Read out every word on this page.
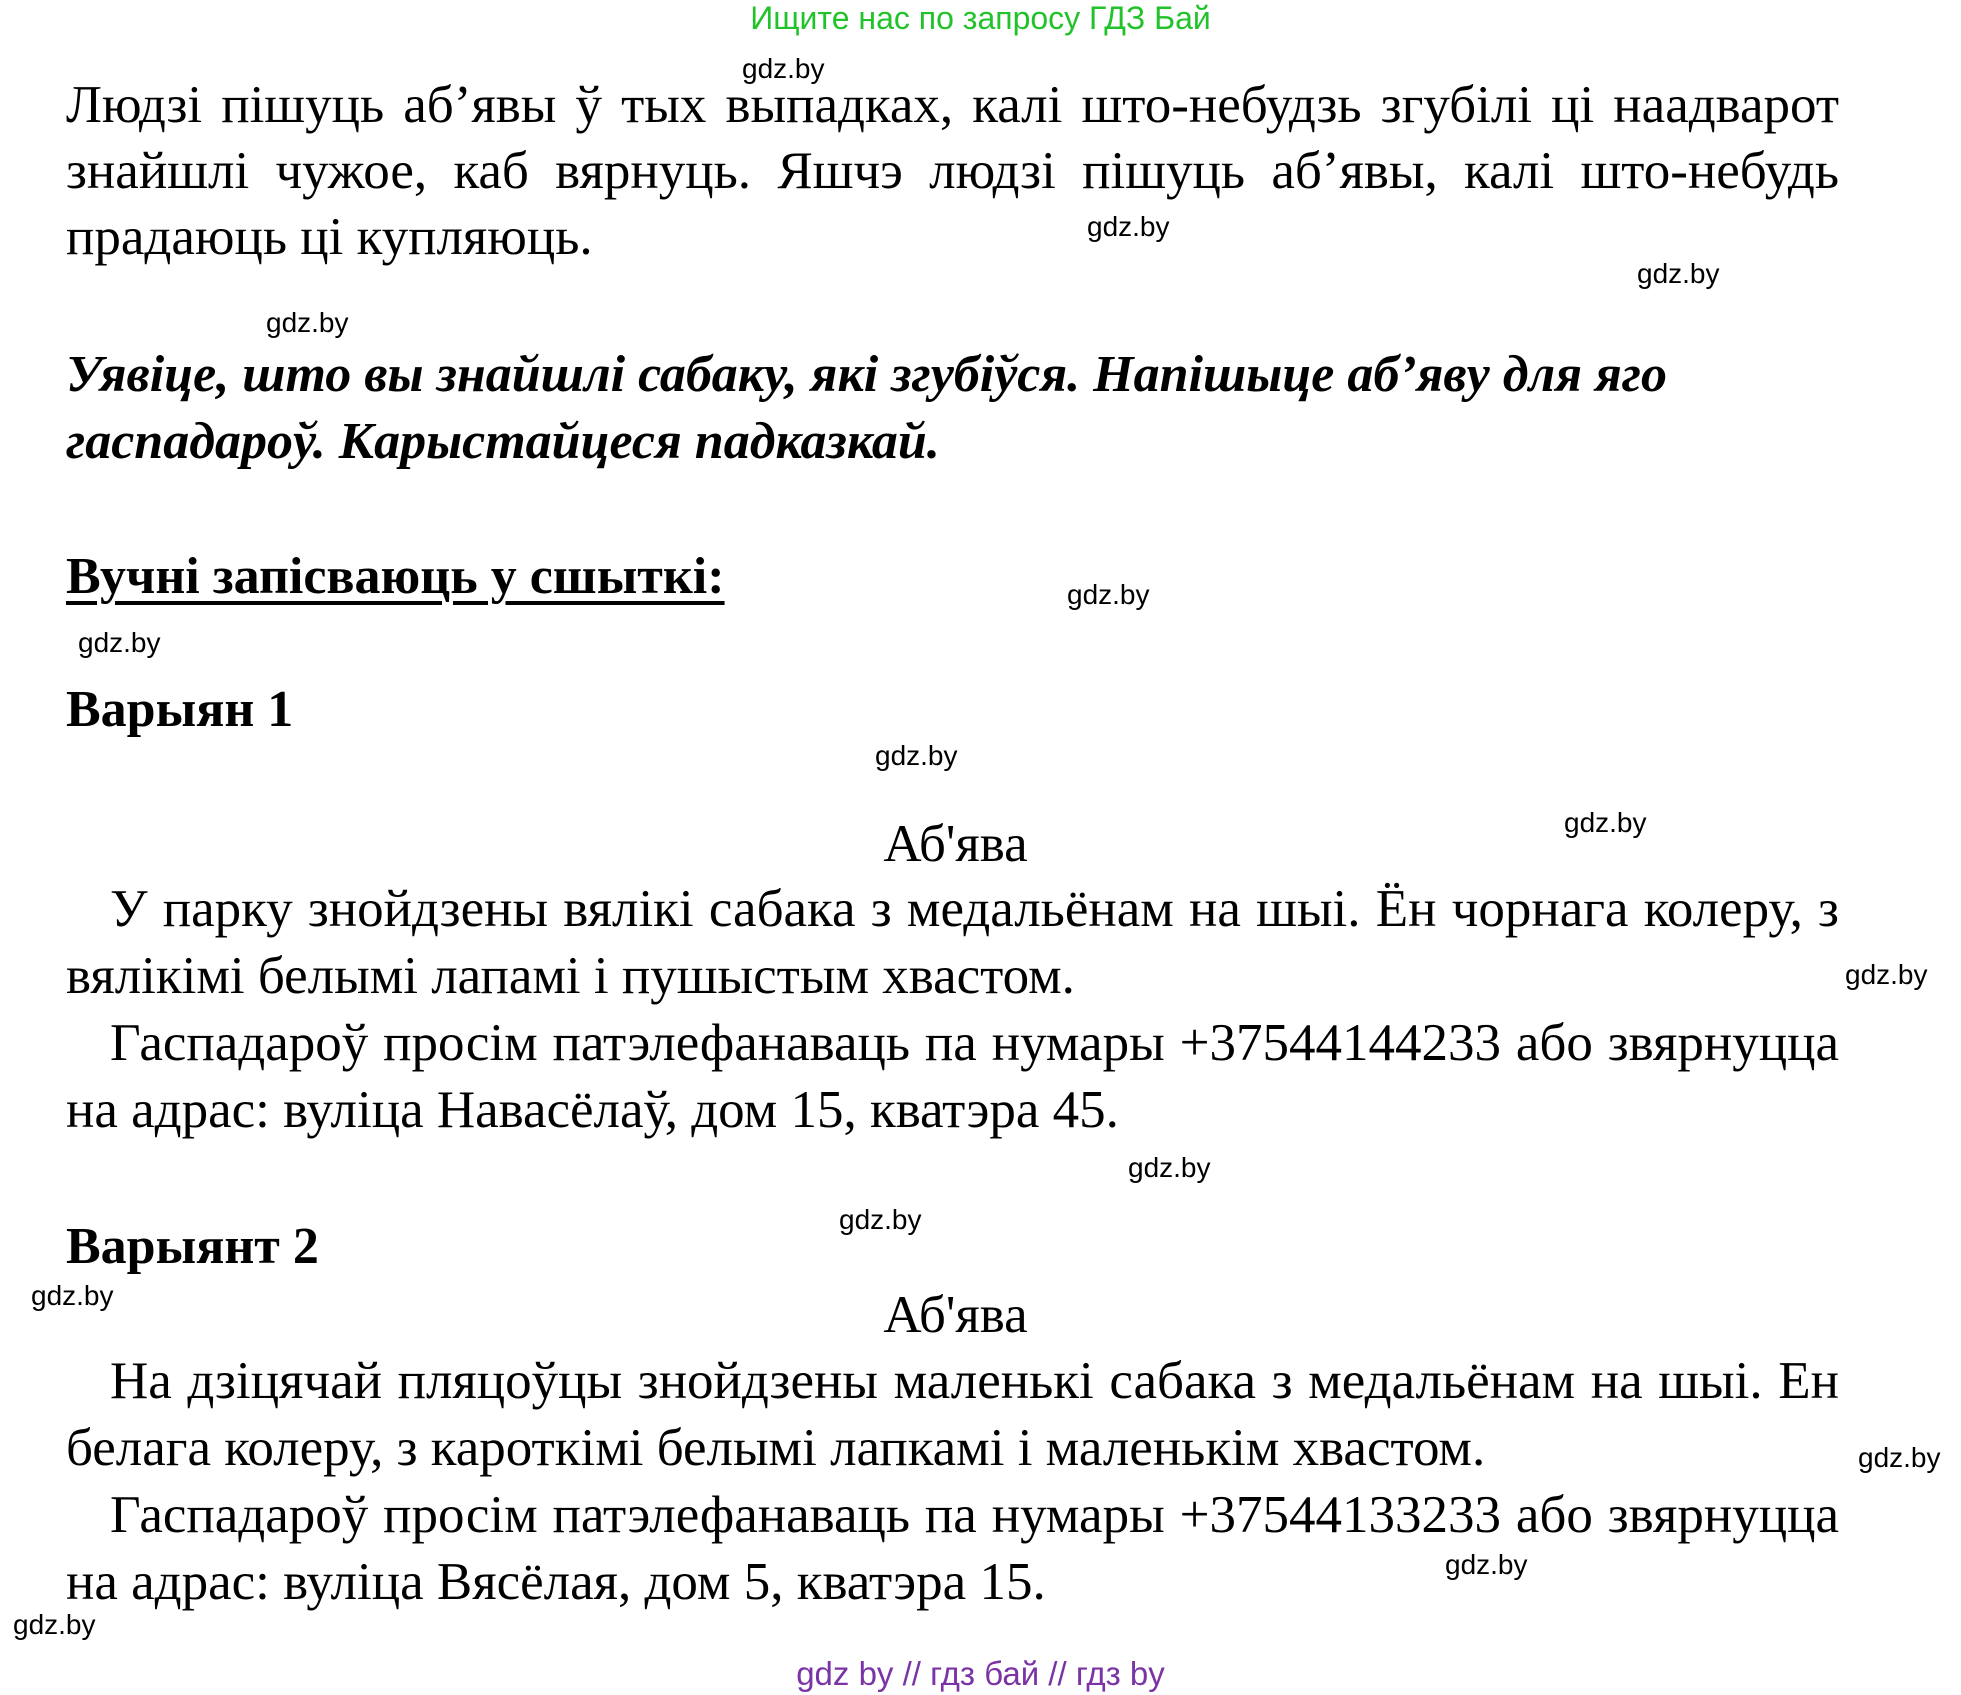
Ищите нас по запросу ГДЗ Бай
gdz.by
gdz.by
gdz.by
gdz.by
gdz.by
gdz.by
gdz.by
gdz.by
gdz.by
gdz.by
gdz.by
gdz.by
gdz.by
gdz.by
gdz.by
Людзі пішуць аб’явы ў тых выпадках, калі што-небудзь згубілі ці наадварот знайшлі чужое, каб вярнуць. Яшчэ людзі пішуць аб’явы, калі што-небудь прадаюць ці купляюць.
Уявіце, што вы знайшлі сабаку, які згубіўся. Напішыце аб’яву для яго гаспадароў. Карыстайцеся падказкай.
Вучні запісваюць у сшыткі:
Варыян 1
Аб'ява

У парку знойдзены вялікі сабака з медальёнам на шыі. Ён чорнага колеру, з вялікімі белымі лапамі і пушыстым хвастом.

Гаспадароў просім патэлефанаваць па нумары +37544144233 або звярнуцца на адрас: вуліца Навасёлаў, дом 15, кватэра 45.

Варыянт 2
Аб'ява

На дзіцячай пляцоўцы знойдзены маленькі сабака з медальёнам на шыі. Ен белага колеру, з кароткімі белымі лапкамі і маленькім хвастом.

Гаспадароў просім патэлефанаваць па нумары +37544133233 або звярнуцца на адрас: вуліца Вясёлая, дом 5, кватэра 15.

gdz by // гдз бай // гдз by
